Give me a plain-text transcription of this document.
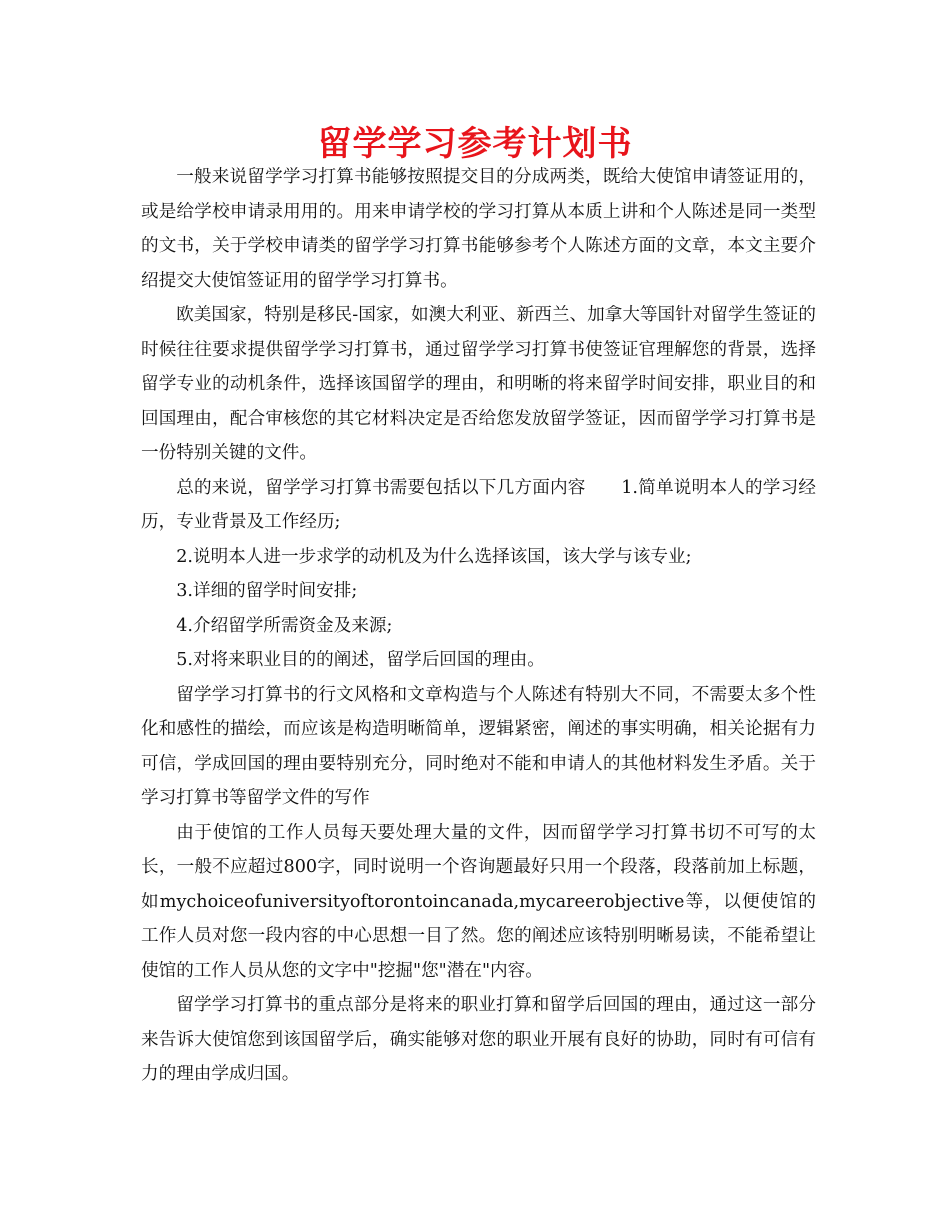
留学学习参考计划书

一般来说留学学习打算书能够按照提交目的分成两类，既给大使馆申请签证用的，或是给学校申请录用用的。用来申请学校的学习打算从本质上讲和个人陈述是同一类型的文书，关于学校申请类的留学学习打算书能够参考个人陈述方面的文章，本文主要介绍提交大使馆签证用的留学学习打算书。

欧美国家，特别是移民-国家，如澳大利亚、新西兰、加拿大等国针对留学生签证的时候往往要求提供留学学习打算书，通过留学学习打算书使签证官理解您的背景，选择留学专业的动机条件，选择该国留学的理由，和明晰的将来留学时间安排，职业目的和回国理由，配合审核您的其它材料决定是否给您发放留学签证，因而留学学习打算书是一份特别关键的文件。

总的来说，留学学习打算书需要包括以下几方面内容　　1.简单说明本人的学习经历，专业背景及工作经历;

2.说明本人进一步求学的动机及为什么选择该国，该大学与该专业;

3.详细的留学时间安排;

4.介绍留学所需资金及来源;

5.对将来职业目的的阐述，留学后回国的理由。

留学学习打算书的行文风格和文章构造与个人陈述有特别大不同，不需要太多个性化和感性的描绘，而应该是构造明晰简单，逻辑紧密，阐述的事实明确，相关论据有力可信，学成回国的理由要特别充分，同时绝对不能和申请人的其他材料发生矛盾。关于学习打算书等留学文件的写作

由于使馆的工作人员每天要处理大量的文件，因而留学学习打算书切不可写的太长，一般不应超过800字，同时说明一个咨询题最好只用一个段落，段落前加上标题，如mychoiceofuniversityoftorontoincanada,mycareerobjective等，以便使馆的工作人员对您一段内容的中心思想一目了然。您的阐述应该特别明晰易读，不能希望让使馆的工作人员从您的文字中"挖掘"您"潜在"内容。

留学学习打算书的重点部分是将来的职业打算和留学后回国的理由，通过这一部分来告诉大使馆您到该国留学后，确实能够对您的职业开展有良好的协助，同时有可信有力的理由学成归国。
